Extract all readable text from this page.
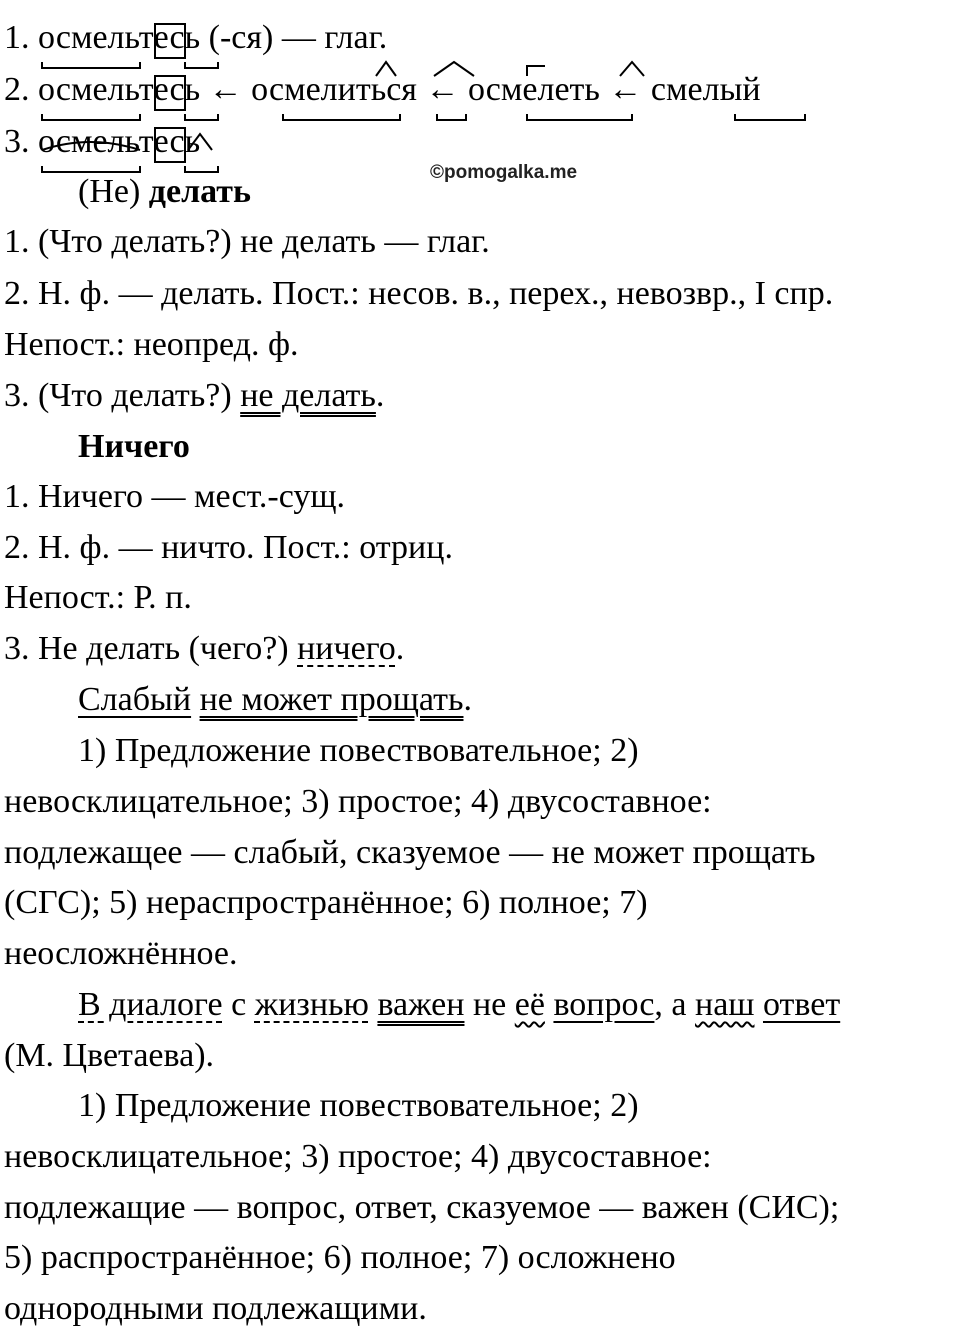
1. осмельтесь (-ся) — глаг.
2. осмельтесь ← осмелиться ← осмелеть ← смелый
3. осмельтесь
©pomogalka.me
(Не) делать
1. (Что делать?) не делать — глаг.
2. Н. ф. — делать. Пост.: несов. в., перех., невозвр., I спр.
Непост.: неопред. ф.
3. (Что делать?) не делать.
Ничего
1. Ничего — мест.-сущ.
2. Н. ф. — ничто. Пост.: отриц.
Непост.: Р. п.
3. Не делать (чего?) ничего.
Слабый не может прощать.
1) Предложение повествовательное; 2)
невосклицательное; 3) простое; 4) двусоставное:
подлежащее — слабый, сказуемое — не может прощать
(СГС); 5) нераспространённое; 6) полное; 7)
неосложнённое.
В диалоге с жизнью важен не её вопрос, а наш ответ
(М. Цветаева).
1) Предложение повествовательное; 2)
невосклицательное; 3) простое; 4) двусоставное:
подлежащие — вопрос, ответ, сказуемое — важен (СИС);
5) распространённое; 6) полное; 7) осложнено
однородными подлежащими.
